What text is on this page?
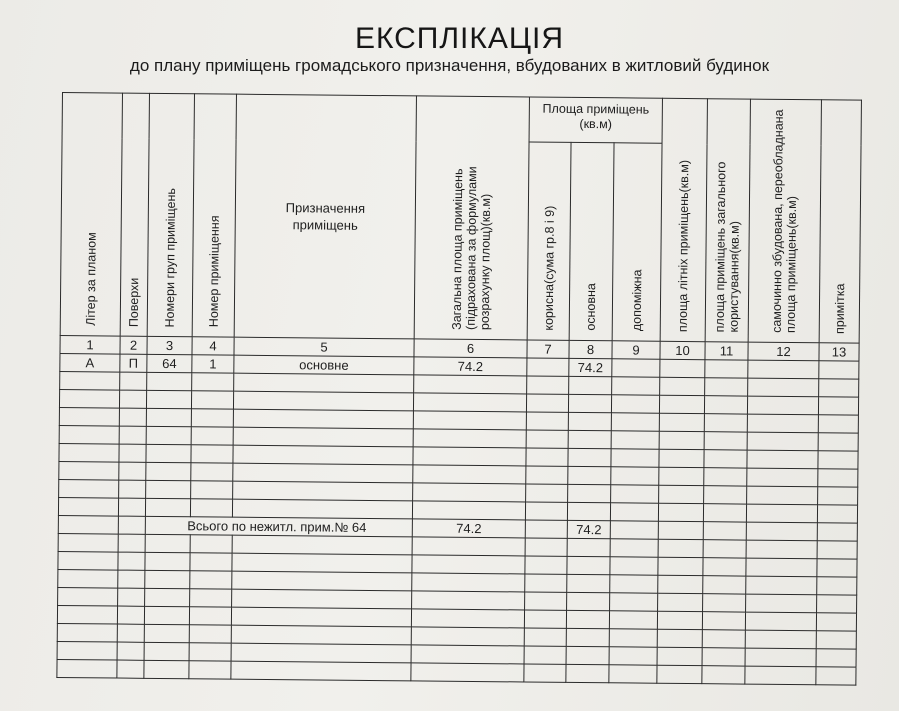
ЕКСПЛІКАЦІЯ
до плану приміщень громадського призначення, вбудованих в житловий будинок
Літер за планом	Поверхи	Номери груп приміщень	Номер приміщення	Призначення приміщень	Загальна площа приміщень (підрахована за формулами розрахунку площ)(кв.м)	Площа приміщень (кв.м)			площа літніх приміщень(кв.м)	площа приміщень загального користування(кв.м)	самочинно збудована, переобладнана площа приміщень(кв.м)	примітка
						корисна(сума гр.8 і 9)	основна	допоміжна				
1	2	3	4	5	6	7	8	9	10	11	12	13
А	П	64	1	основне	74.2		74.2					

		Всього по нежитл. прим.№ 64			74.2		74.2					
